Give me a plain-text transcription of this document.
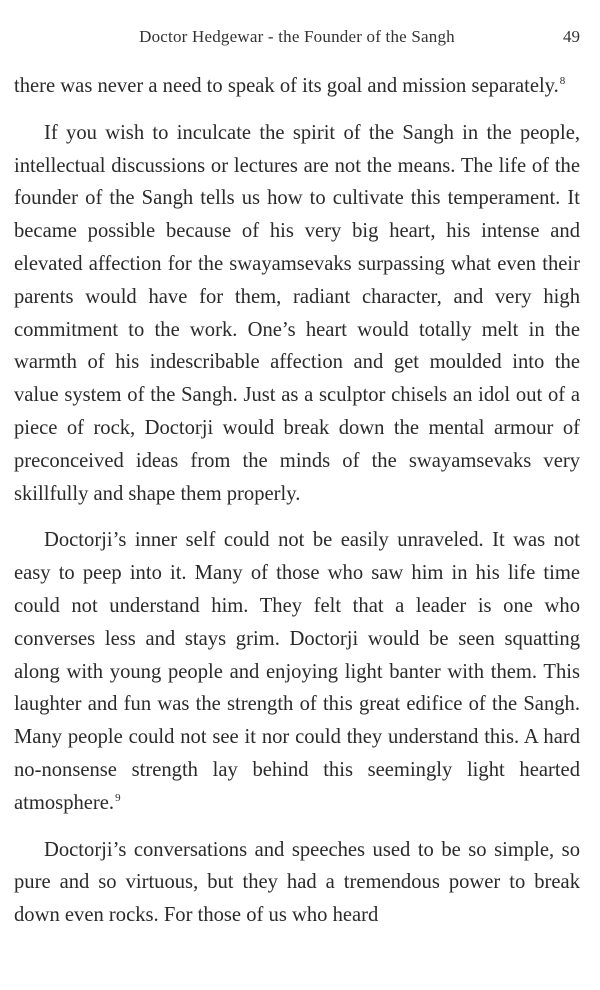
Doctor Hedgewar - the Founder of the Sangh	49

there was never a need to speak of its goal and mission separately.$^8$

If you wish to inculcate the spirit of the Sangh in the people, intellectual discussions or lectures are not the means. The life of the founder of the Sangh tells us how to cultivate this temperament. It became possible because of his very big heart, his intense and elevated affection for the swayamsevaks surpassing what even their parents would have for them, radiant character, and very high commitment to the work. One’s heart would totally melt in the warmth of his indescribable affection and get moulded into the value system of the Sangh. Just as a sculptor chisels an idol out of a piece of rock, Doctorji would break down the mental armour of preconceived ideas from the minds of the swayamsevaks very skillfully and shape them properly.

Doctorji’s inner self could not be easily unraveled. It was not easy to peep into it. Many of those who saw him in his life time could not understand him. They felt that a leader is one who converses less and stays grim. Doctorji would be seen squatting along with young people and enjoying light banter with them. This laughter and fun was the strength of this great edifice of the Sangh. Many people could not see it nor could they understand this. A hard no-nonsense strength lay behind this seemingly light hearted atmosphere.$^9$

Doctorji’s conversations and speeches used to be so simple, so pure and so virtuous, but they had a tremendous power to break down even rocks. For those of us who heard
